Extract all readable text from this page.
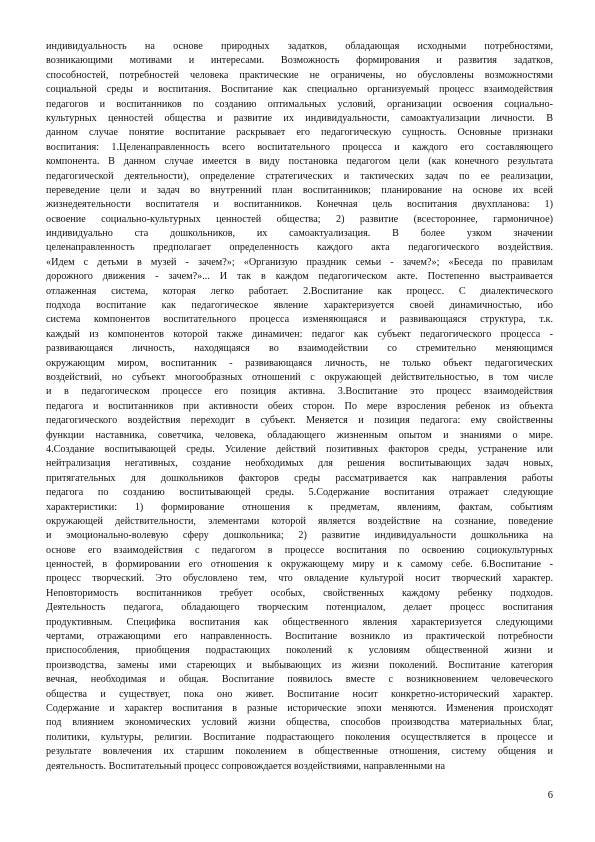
индивидуальность на основе природных задатков, обладающая исходными потребностями,
возникающими мотивами и интересами. Возможность формирования и развития задатков,
способностей, потребностей человека практические не ограничены, но обусловлены возможностями
социальной среды и воспитания. Воспитание как специально организуемый процесс взаимодействия
педагогов и воспитанников по созданию оптимальных условий, организации освоения социально-
культурных ценностей общества и развитие их индивидуальности, самоактуализации личности. В
данном случае понятие воспитание раскрывает его педагогическую сущность. Основные признаки
воспитания: 1.Целенаправленность всего воспитательного процесса и каждого его составляющего
компонента. В данном случае имеется в виду постановка педагогом цели (как конечного результата
педагогической деятельности), определение стратегических и тактических задач по ее реализации,
переведение цели и задач во внутренний план воспитанников; планирование на основе их всей
жизнедеятельности воспитателя и воспитанников. Конечная цель воспитания двухпланова: 1)
освоение социально-культурных ценностей общества; 2) развитие (всестороннее, гармоничное)
индивидуально ста дошкольников, их самоактуализация. В более узком значении
целенаправленность предполагает определенность каждого акта педагогического воздействия.
«Идем с детьми в музей - зачем?»; «Организую праздник семьи - зачем?»; «Беседа по правилам
дорожного движения - зачем?»... И так в каждом педагогическом акте. Постепенно выстраивается
отлаженная система, которая легко работает. 2.Воспитание как процесс. С диалектического
подхода воспитание как педагогическое явление характеризуется своей динамичностью, ибо
система компонентов воспитательного процесса изменяющаяся и развивающаяся структура, т.к.
каждый из компонентов которой также динамичен: педагог как субъект педагогического процесса -
развивающаяся личность, находящаяся во взаимодействии со стремительно меняющимся
окружающим миром, воспитанник - развивающаяся личность, не только объект педагогических
воздействий, но субъект многообразных отношений с окружающей действительностью, в том числе
и в педагогическом процессе его позиция активна. 3.Воспитание это процесс взаимодействия
педагога и воспитанников при активности обеих сторон. По мере взросления ребенок из объекта
педагогического воздействия переходит в субъект. Меняется и позиция педагога: ему свойственны
функции наставника, советчика, человека, обладающего жизненным опытом и знаниями о мире.
4.Создание воспитывающей среды. Усиление действий позитивных факторов среды, устранение или
нейтрализация негативных, создание необходимых для решения воспитывающих задач новых,
притягательных для дошкольников факторов среды рассматривается как направления работы
педагога по созданию воспитывающей среды. 5.Содержание воспитания отражает следующие
характеристики: 1) формирование отношения к предметам, явлениям, фактам, событиям
окружающей действительности, элементами которой является воздействие на сознание, поведение
и эмоционально-волевую сферу дошкольника; 2) развитие индивидуальности дошкольника на
основе его взаимодействия с педагогом в процессе воспитания по освоению социокультурных
ценностей, в формировании его отношения к окружающему миру и к самому себе. 6.Воспитание -
процесс творческий. Это обусловлено тем, что овладение культурой носит творческий характер.
Неповторимость воспитанников требует особых, свойственных каждому ребенку подходов.
Деятельность педагога, обладающего творческим потенциалом, делает процесс воспитания
продуктивным. Специфика воспитания как общественного явления характеризуется следующими
чертами, отражающими его направленность. Воспитание возникло из практической потребности
приспособления, приобщения подрастающих поколений к условиям общественной жизни и
производства, замены ими стареющих и выбывающих из жизни поколений. Воспитание категория
вечная, необходимая и общая. Воспитание появилось вместе с возникновением человеческого
общества и существует, пока оно живет. Воспитание носит конкретно-исторический характер.
Содержание и характер воспитания в разные исторические эпохи меняются. Изменения происходят
под влиянием экономических условий жизни общества, способов производства материальных благ,
политики, культуры, религии. Воспитание подрастающего поколения осуществляется в процессе и
результате вовлечения их старшим поколением в общественные отношения, систему общения и
деятельность. Воспитательный процесс сопровождается воздействиями, направленными на
6
